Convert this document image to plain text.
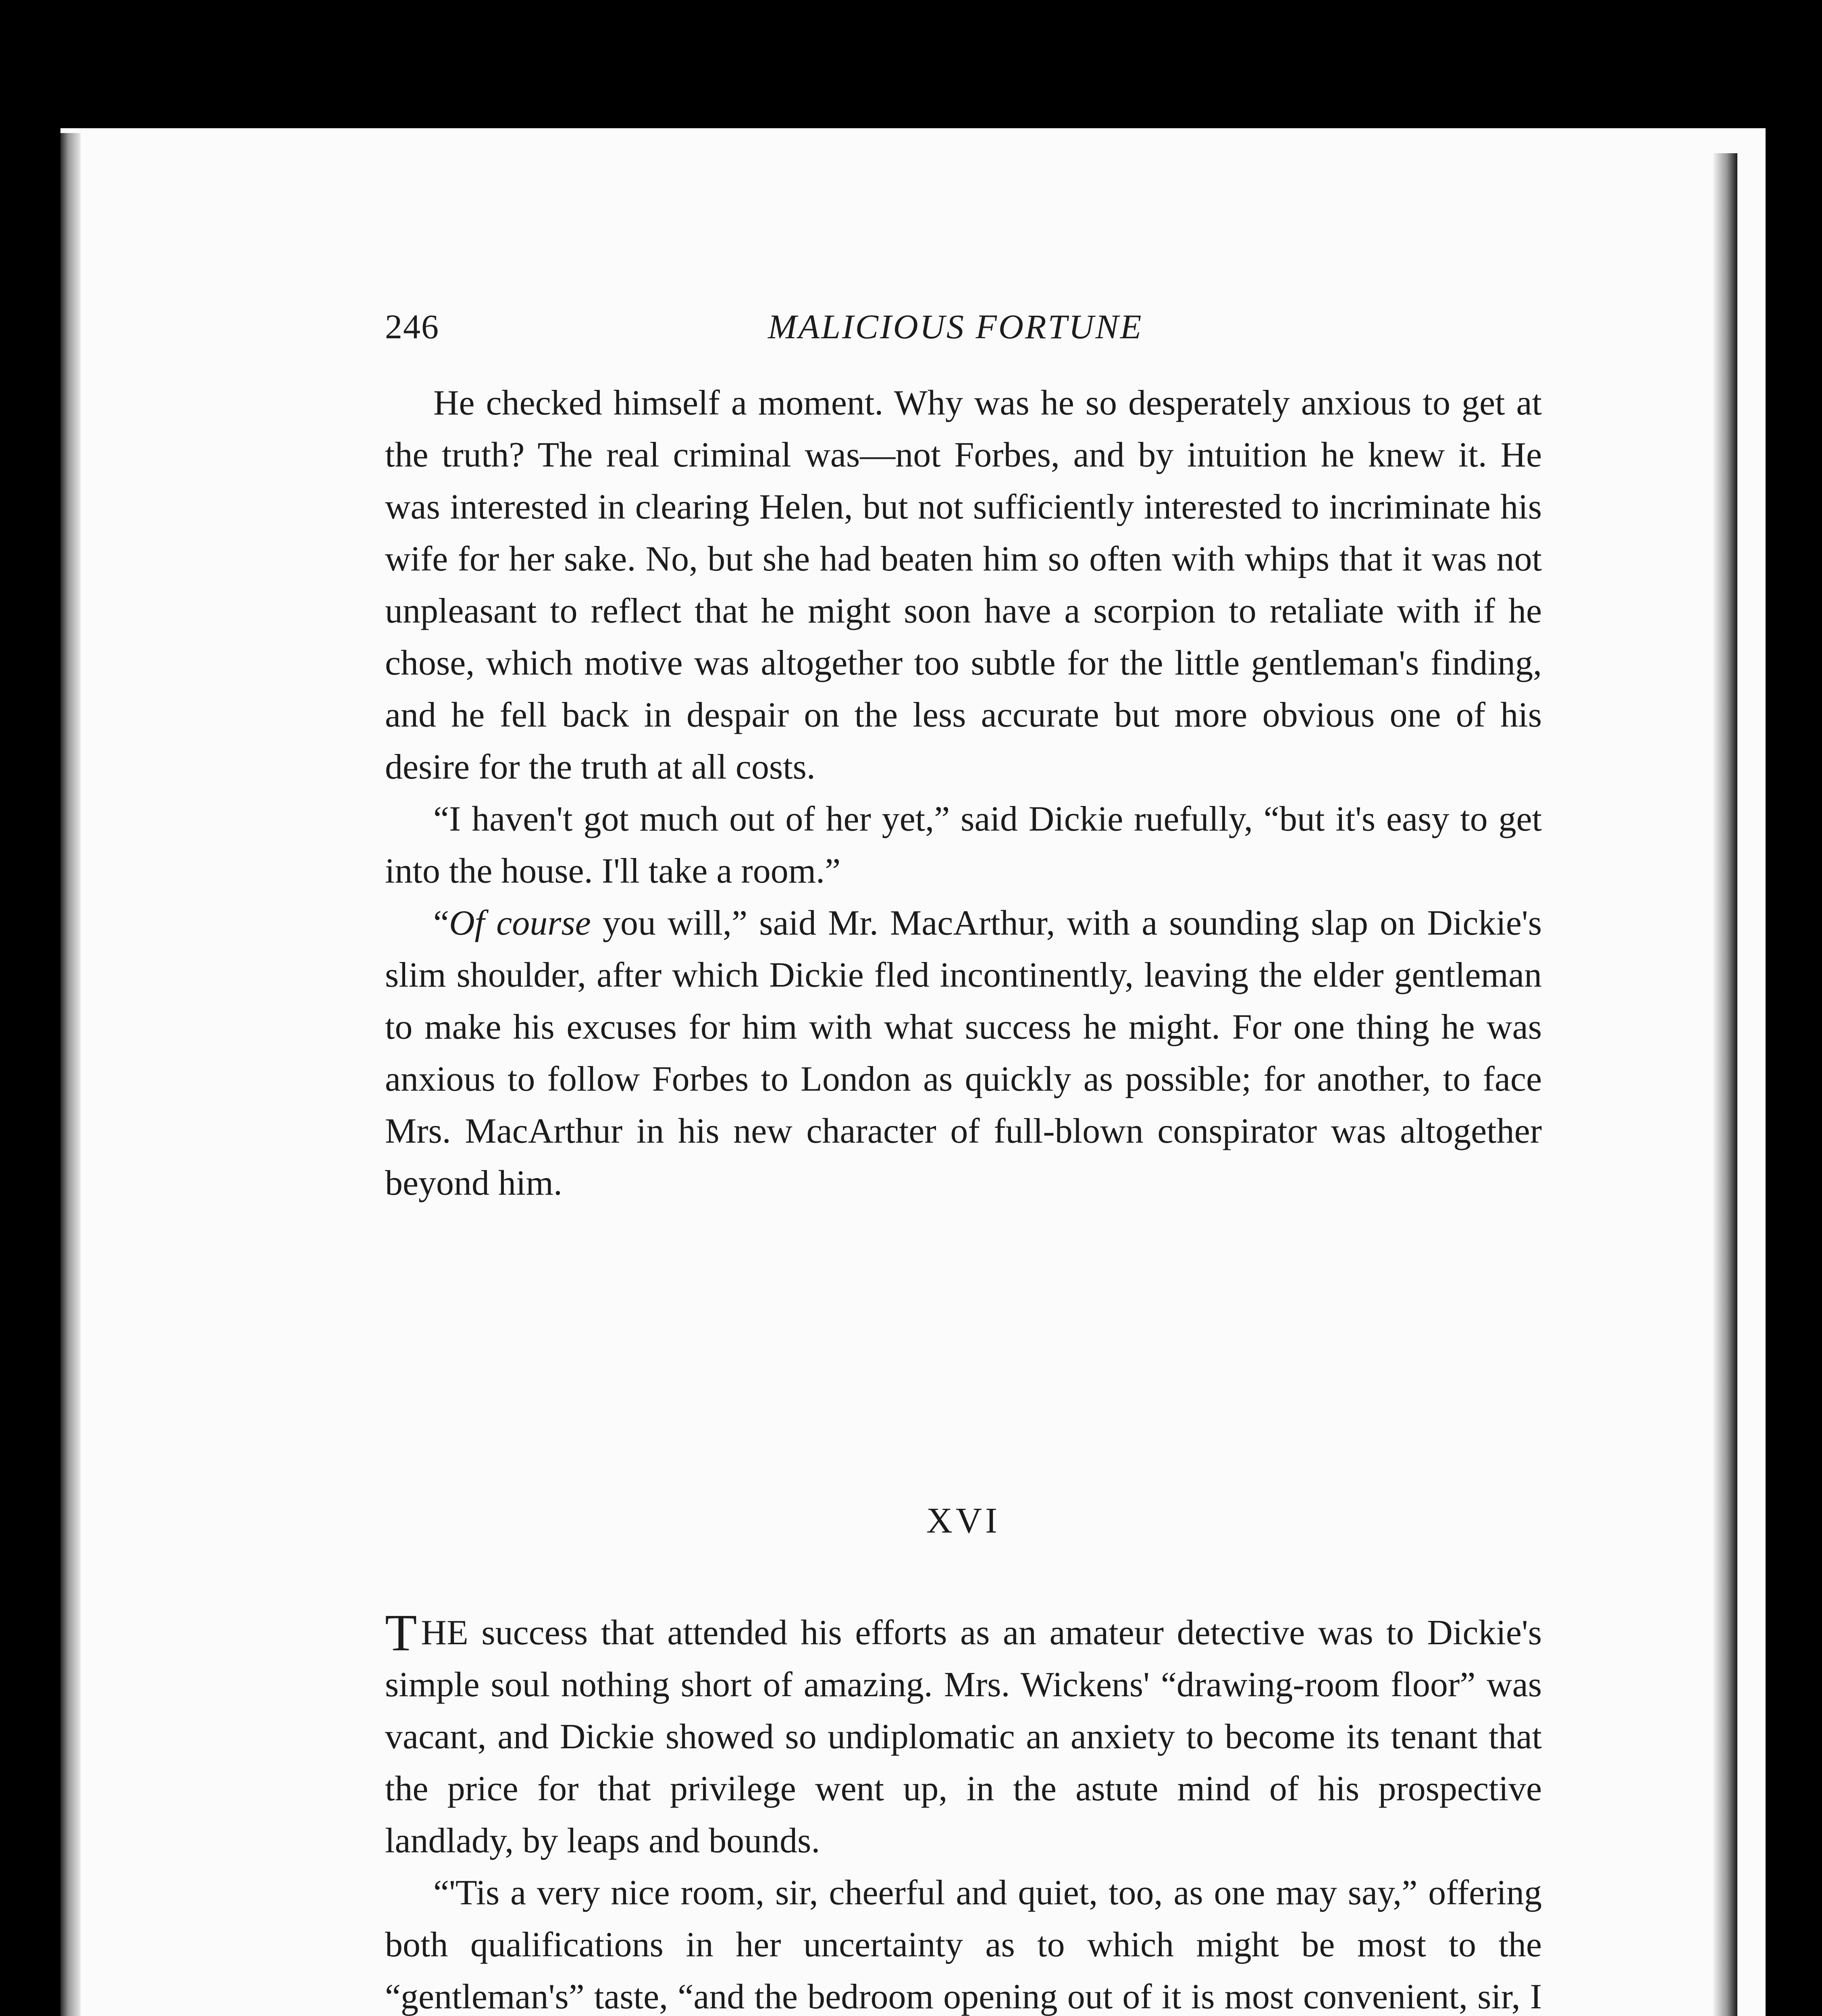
246	MALICIOUS FORTUNE

He checked himself a moment. Why was he so desperately anxious to get at the truth? The real criminal was—not Forbes, and by intuition he knew it. He was interested in clearing Helen, but not sufficiently interested to incriminate his wife for her sake. No, but she had beaten him so often with whips that it was not unpleasant to reflect that he might soon have a scorpion to retaliate with if he chose, which motive was altogether too subtle for the little gentleman's finding, and he fell back in despair on the less accurate but more obvious one of his desire for the truth at all costs.

“I haven't got much out of her yet,” said Dickie ruefully, “but it's easy to get into the house. I'll take a room.”

“Of course you will,” said Mr. MacArthur, with a sounding slap on Dickie's slim shoulder, after which Dickie fled incontinently, leaving the elder gentleman to make his excuses for him with what success he might. For one thing he was anxious to follow Forbes to London as quickly as possible; for another, to face Mrs. MacArthur in his new character of full-blown conspirator was altogether beyond him.

XVI

T HE success that attended his efforts as an amateur detective was to Dickie's simple soul nothing short of amazing. Mrs. Wickens' “drawing-room floor” was vacant, and Dickie showed so undiplomatic an anxiety to become its tenant that the price for that privilege went up, in the astute mind of his prospective landlady, by leaps and bounds.

“'Tis a very nice room, sir, cheerful and quiet, too, as one may say,” offering both qualifications in her uncertainty as to which might be most to the “gentleman's” taste, “and the bedroom opening out of it is most convenient, sir, I
